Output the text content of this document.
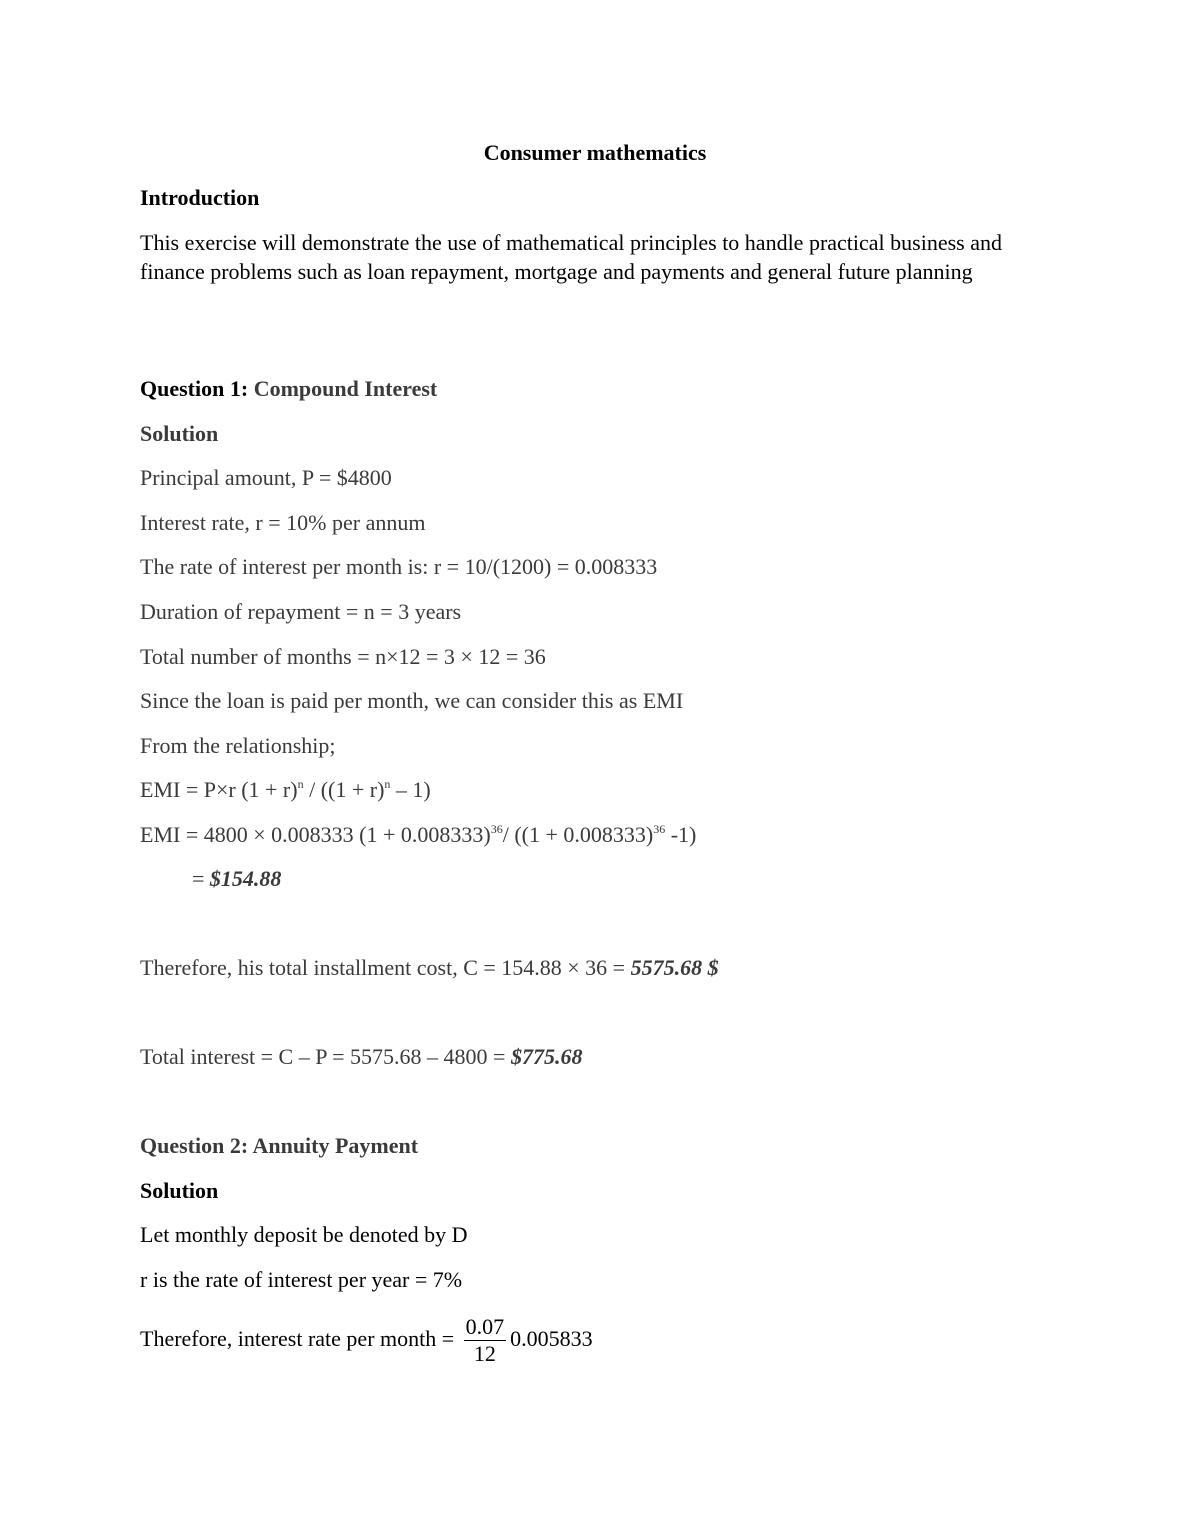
Consumer mathematics
Introduction
This exercise will demonstrate the use of mathematical principles to handle practical business and finance problems such as loan repayment, mortgage and payments and general future planning
Question 1: Compound Interest
Solution
Principal amount, P = $4800
Interest rate, r = 10% per annum
The rate of interest per month is: r = 10/(1200) = 0.008333
Duration of repayment = n = 3 years
Total number of months = n×12 = 3 × 12 = 36
Since the loan is paid per month, we can consider this as EMI
From the relationship;
EMI = P×r $(1 + r)^n / ((1 + r)^n - 1)$
EMI = 4800 × 0.008333 $(1 + 0.008333)^{36}/$ ($(1 + 0.008333)^{36}$ -1)
= $154.88
Therefore, his total installment cost, C = 154.88 × 36 = 5575.68 $
Total interest = C – P = 5575.68 – 4800 = $775.68
Question 2: Annuity Payment
Solution
Let monthly deposit be denoted by D
r is the rate of interest per year = 7%
Therefore, interest rate per month = $\frac{0.07}{12} 0.005833$
